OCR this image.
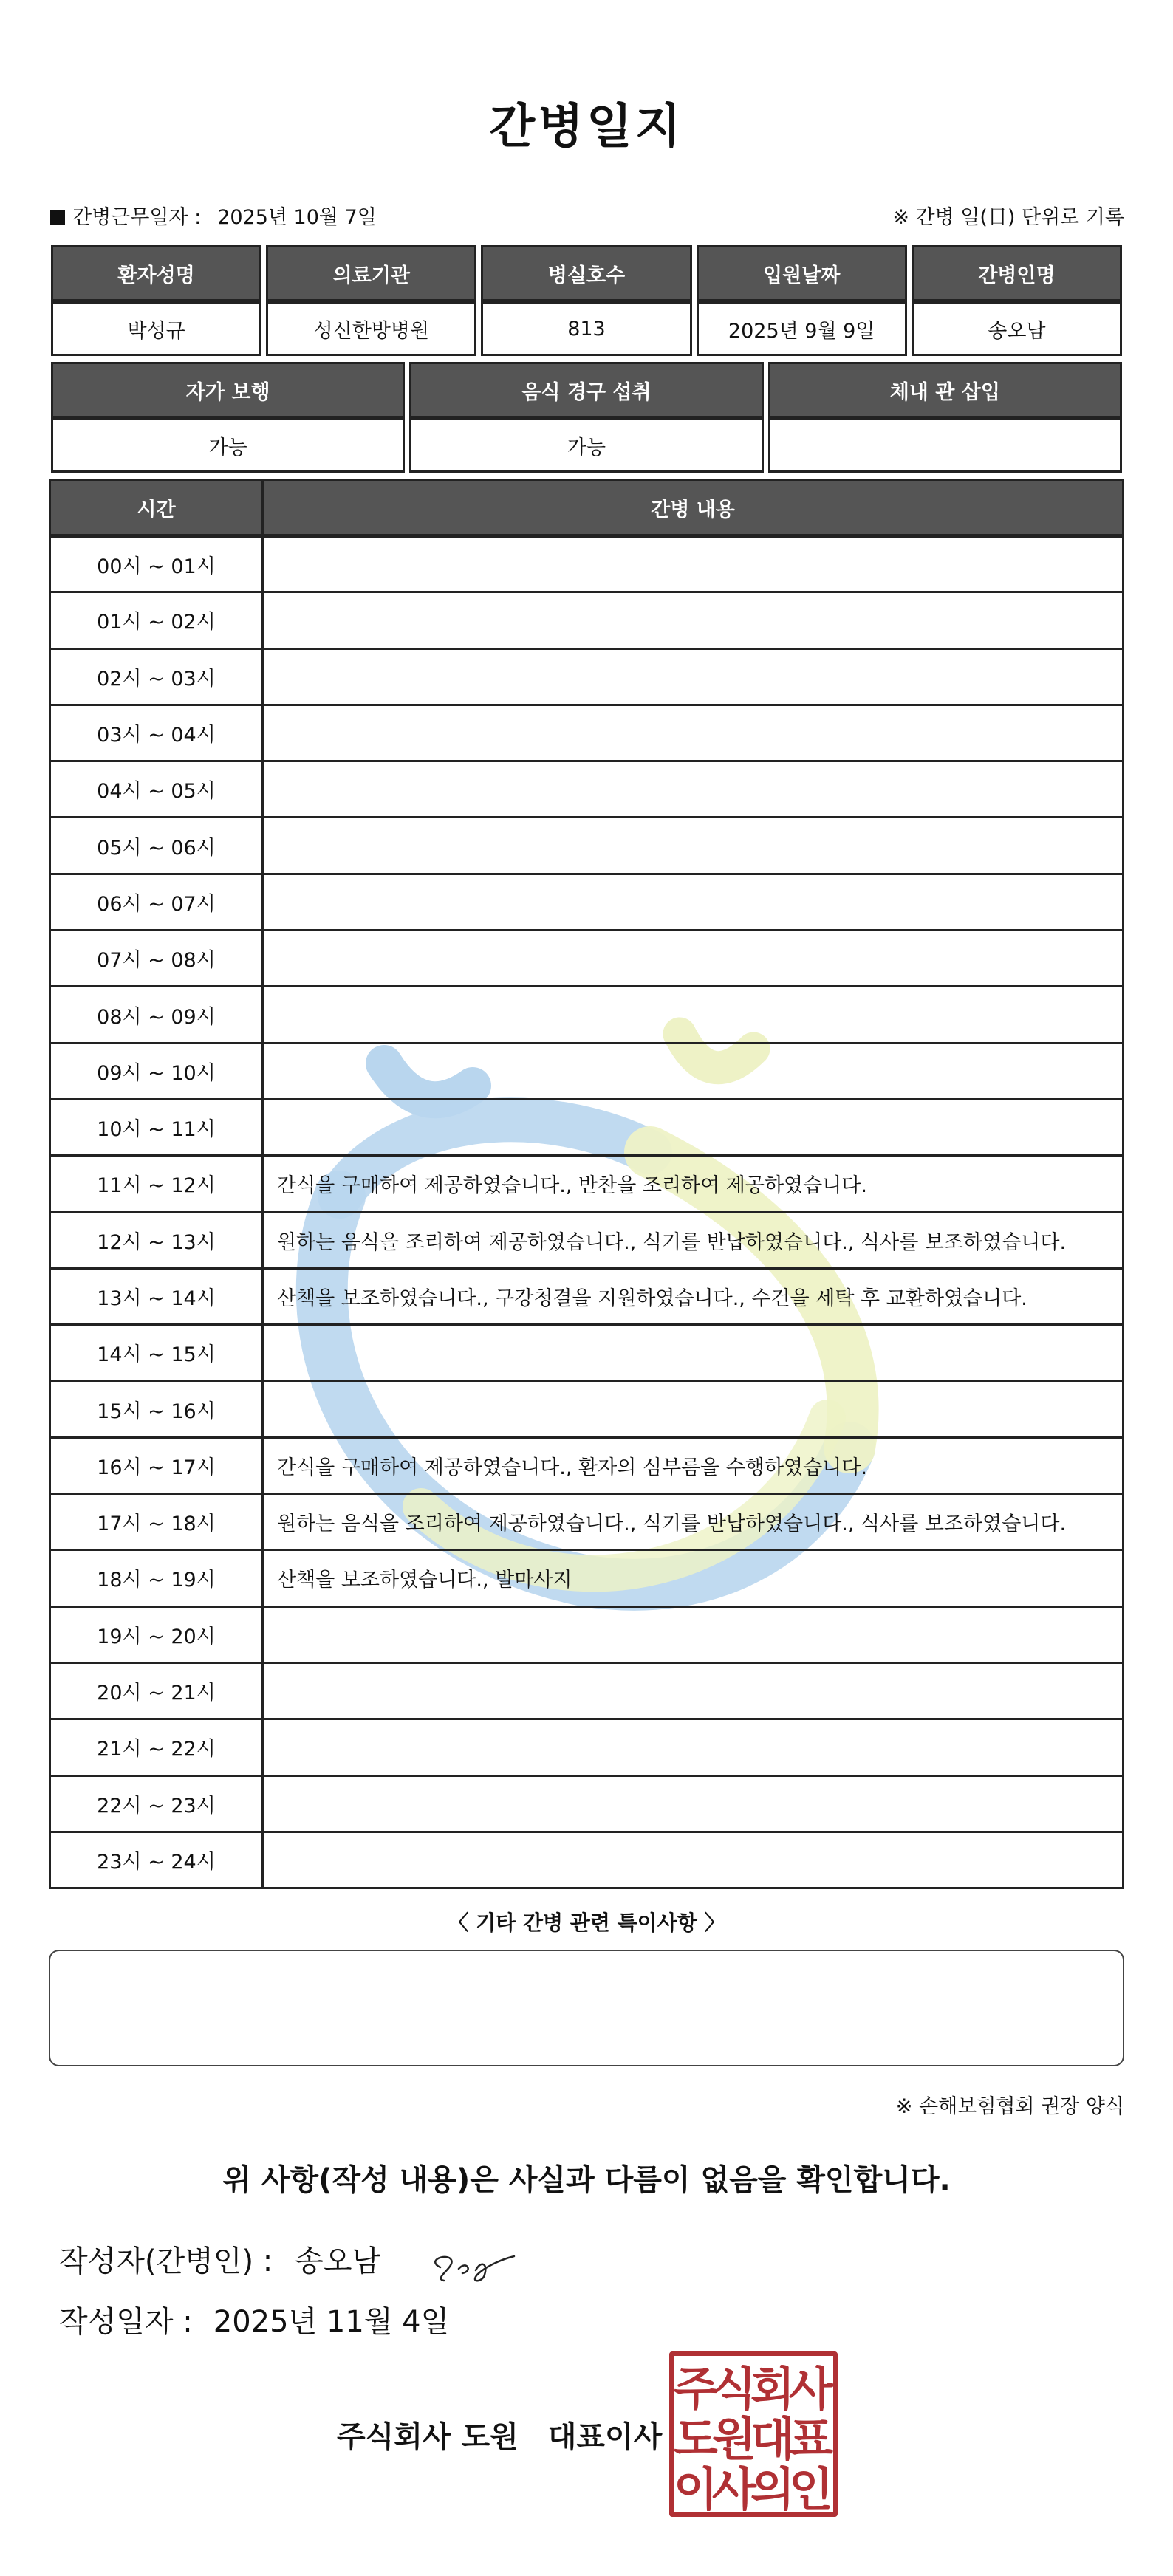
간병일지
간병근무일자 : 2025년 10월 7일	※ 간병 일(日) 단위로 기록
환자성명	의료기관	병실호수	입원날짜	간병인명
박성규	성신한방병원	813	2025년 9월 9일	송오남
자가 보행	음식 경구 섭취	체내 관 삽입
가능	가능	
시간	간병 내용
00시 ~ 01시	
01시 ~ 02시	
02시 ~ 03시	
03시 ~ 04시	
04시 ~ 05시	
05시 ~ 06시	
06시 ~ 07시	
07시 ~ 08시	
08시 ~ 09시	
09시 ~ 10시	
10시 ~ 11시	
11시 ~ 12시	간식을 구매하여 제공하였습니다., 반찬을 조리하여 제공하였습니다.
12시 ~ 13시	원하는 음식을 조리하여 제공하였습니다., 식기를 반납하였습니다., 식사를 보조하였습니다.
13시 ~ 14시	산책을 보조하였습니다., 구강청결을 지원하였습니다., 수건을 세탁 후 교환하였습니다.
14시 ~ 15시	
15시 ~ 16시	
16시 ~ 17시	간식을 구매하여 제공하였습니다., 환자의 심부름을 수행하였습니다.
17시 ~ 18시	원하는 음식을 조리하여 제공하였습니다., 식기를 반납하였습니다., 식사를 보조하였습니다.
18시 ~ 19시	산책을 보조하였습니다., 발마사지
19시 ~ 20시	
20시 ~ 21시	
21시 ~ 22시	
22시 ~ 23시	
23시 ~ 24시	
〈 기타 간병 관련 특이사항 〉
※ 손해보험협회 권장 양식
위 사항(작성 내용)은 사실과 다름이 없음을 확인합니다.
작성자(간병인) : 송오남
작성일자 : 2025년 11월 4일
주식회사 도원 대표이사
주
식
회
사
도
원
대
표
이
사
의
인
